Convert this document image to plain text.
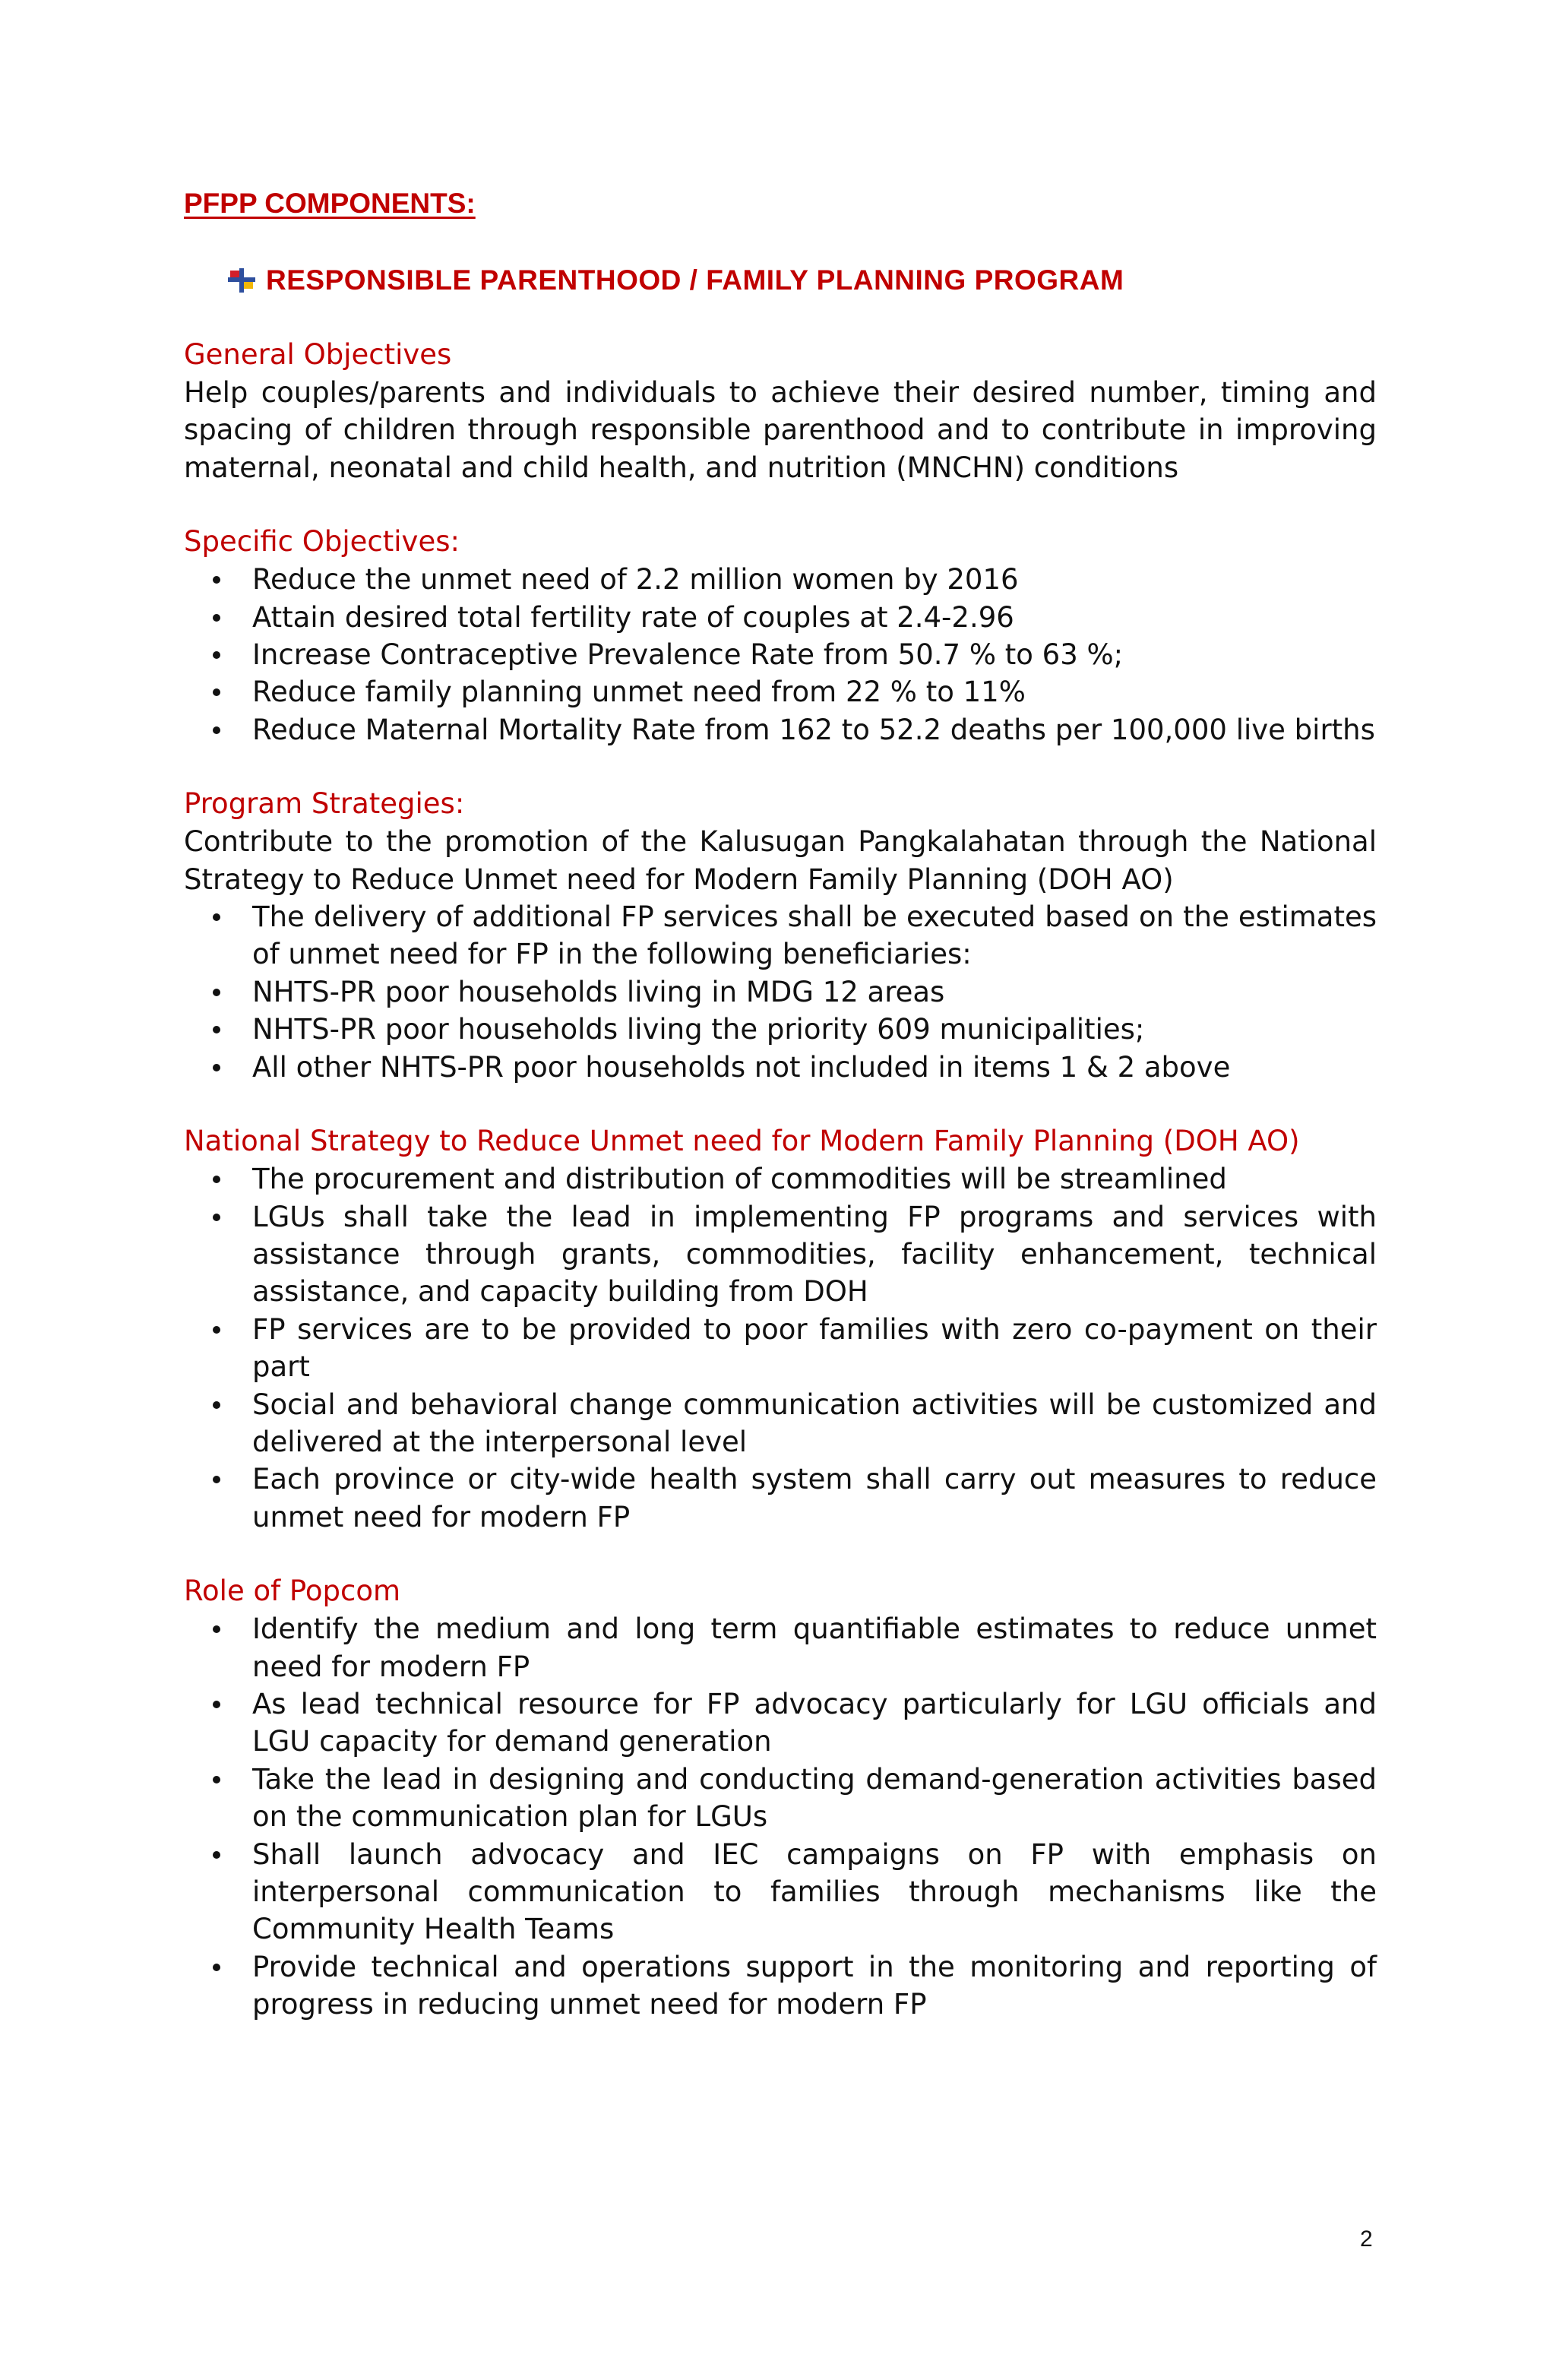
PFPP COMPONENTS:
RESPONSIBLE PARENTHOOD / FAMILY PLANNING PROGRAM
General Objectives

Help couples/parents and individuals to achieve their desired number, timing and spacing of children through responsible parenthood and to contribute in improving maternal, neonatal and child health, and nutrition (MNCHN) conditions

Specific Objectives:
Reduce the unmet need of 2.2 million women by 2016
Attain desired total fertility rate of couples at 2.4-2.96
Increase Contraceptive Prevalence Rate from 50.7 % to 63 %;
Reduce family planning unmet need from 22 % to 11%
Reduce Maternal Mortality Rate from 162 to 52.2 deaths per 100,000 live births
Program Strategies:

Contribute to the promotion of the Kalusugan Pangkalahatan through the National Strategy to Reduce Unmet need for Modern Family Planning (DOH AO)

The delivery of additional FP services shall be executed based on the estimates of unmet need for FP in the following beneficiaries:
NHTS-PR poor households living in MDG 12 areas
NHTS-PR poor households living the priority 609 municipalities;
All other NHTS-PR poor households not included in items 1 & 2 above
National Strategy to Reduce Unmet need for Modern Family Planning (DOH AO)
The procurement and distribution of commodities will be streamlined
LGUs shall take the lead in implementing FP programs and services with assistance through grants, commodities, facility enhancement, technical assistance, and capacity building from DOH
FP services are to be provided to poor families with zero co-payment on their part
Social and behavioral change communication activities will be customized and delivered at the interpersonal level
Each province or city-wide health system shall carry out measures to reduce unmet need for modern FP
Role of Popcom
Identify the medium and long term quantifiable estimates to reduce unmet need for modern FP
As lead technical resource for FP advocacy particularly for LGU officials and LGU capacity for demand generation
Take the lead in designing and conducting demand-generation activities based on the communication plan for LGUs
Shall launch advocacy and IEC campaigns on FP with emphasis on interpersonal communication to families through mechanisms like the Community Health Teams
Provide technical and operations support in the monitoring and reporting of progress in reducing unmet need for modern FP
2
